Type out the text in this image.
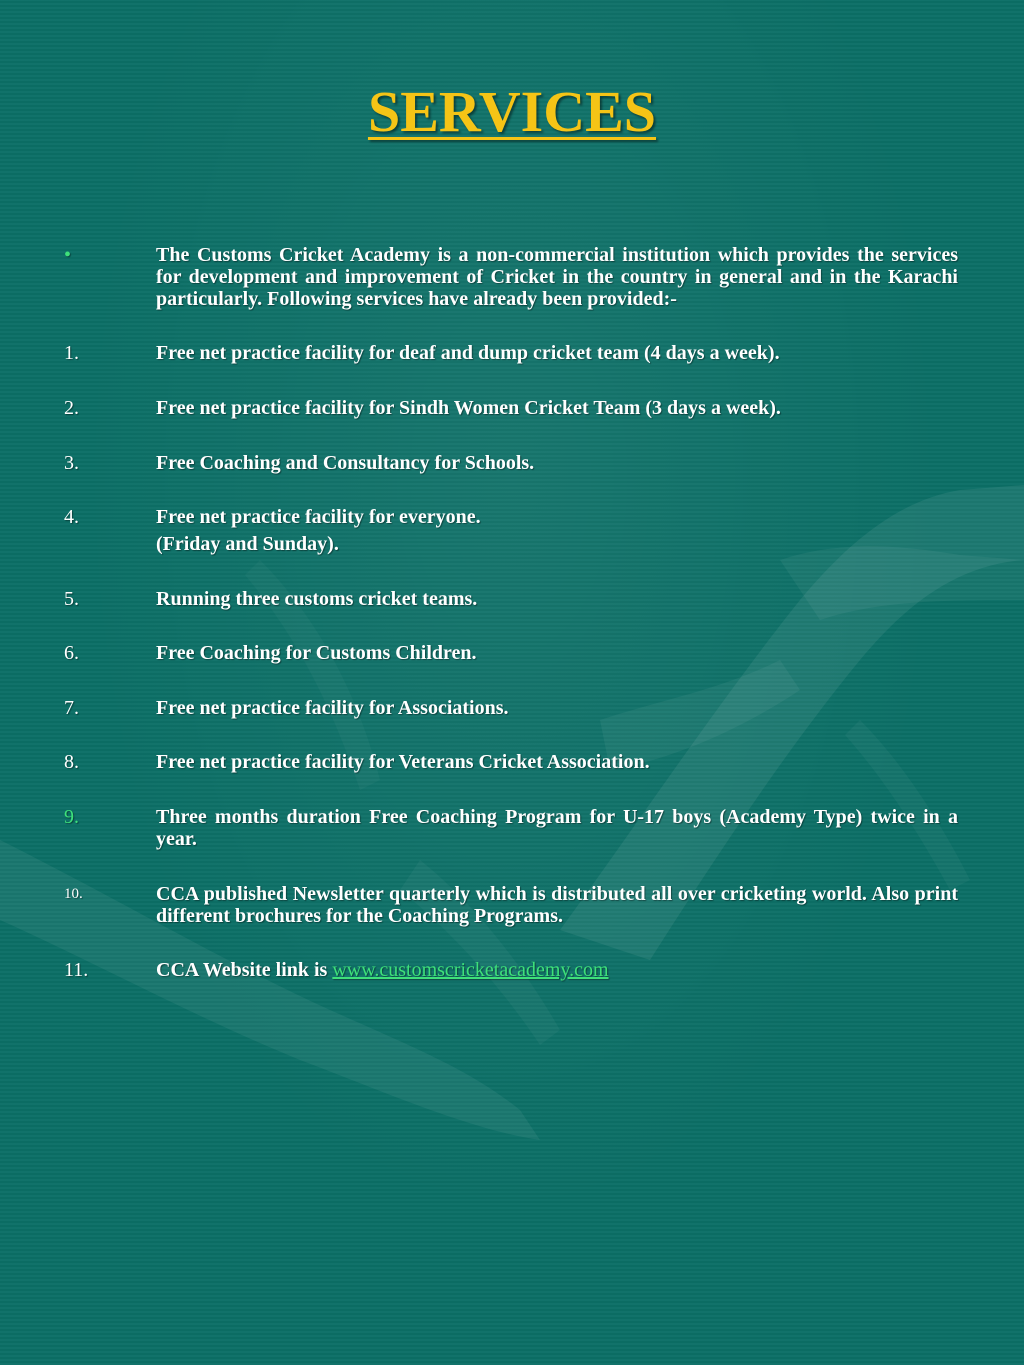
SERVICES
•	The Customs Cricket Academy is a non-commercial institution which provides the services for development and improvement of Cricket in the country in general and in the Karachi particularly. Following services have already been provided:-
1.	Free net practice facility for deaf and dump cricket team (4 days a week).
2.	Free net practice facility for Sindh Women Cricket Team (3 days a week).
3.	Free Coaching and Consultancy for Schools.
4.	Free net practice facility for everyone.
(Friday and Sunday).
5.	Running three customs cricket teams.
6.	Free Coaching for Customs Children.
7.	Free net practice facility for Associations.
8.	Free net practice facility for Veterans Cricket Association.
9.	Three months duration Free Coaching Program for U-17 boys (Academy Type) twice in a year.
10.	CCA published Newsletter quarterly which is distributed all over cricketing world. Also print different brochures for the Coaching Programs.
11.	CCA Website link is www.customscricketacademy.com
